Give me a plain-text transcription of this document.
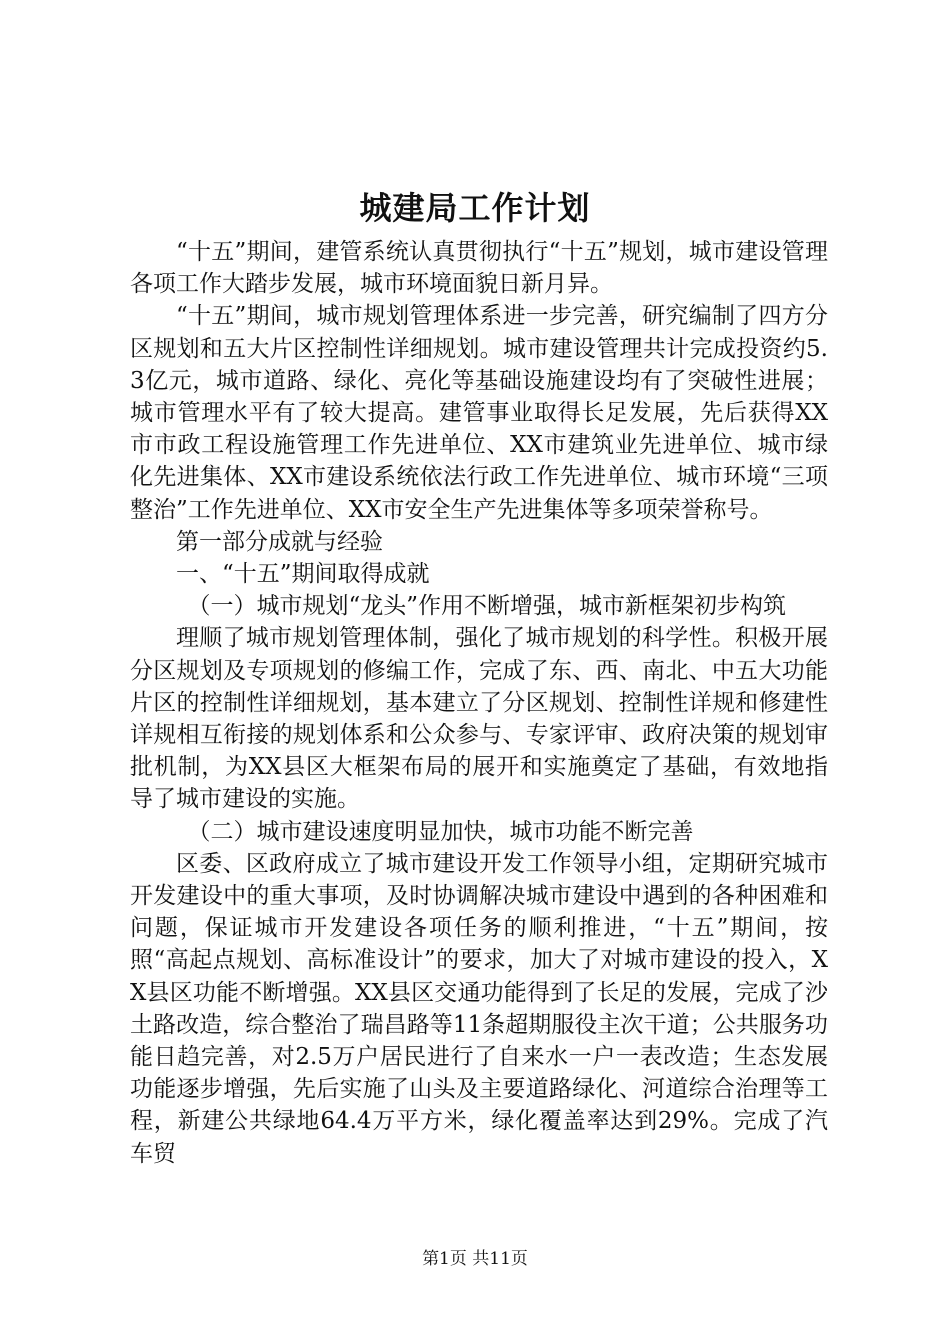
城建局工作计划

“十五”期间，建管系统认真贯彻执行“十五”规划，城市建设管理各项工作大踏步发展，城市环境面貌日新月异。

“十五”期间，城市规划管理体系进一步完善，研究编制了四方分区规划和五大片区控制性详细规划。城市建设管理共计完成投资约5.3亿元，城市道路、绿化、亮化等基础设施建设均有了突破性进展；城市管理水平有了较大提高。建管事业取得长足发展，先后获得XX市市政工程设施管理工作先进单位、XX市建筑业先进单位、城市绿化先进集体、XX市建设系统依法行政工作先进单位、城市环境“三项整治”工作先进单位、XX市安全生产先进集体等多项荣誉称号。

第一部分成就与经验

一、“十五”期间取得成就

（一）城市规划“龙头”作用不断增强，城市新框架初步构筑

理顺了城市规划管理体制，强化了城市规划的科学性。积极开展分区规划及专项规划的修编工作，完成了东、西、南北、中五大功能片区的控制性详细规划，基本建立了分区规划、控制性详规和修建性详规相互衔接的规划体系和公众参与、专家评审、政府决策的规划审批机制，为XX县区大框架布局的展开和实施奠定了基础，有效地指导了城市建设的实施。

（二）城市建设速度明显加快，城市功能不断完善

区委、区政府成立了城市建设开发工作领导小组，定期研究城市开发建设中的重大事项，及时协调解决城市建设中遇到的各种困难和问题，保证城市开发建设各项任务的顺利推进，“十五”期间，按照“高起点规划、高标准设计”的要求，加大了对城市建设的投入，XX县区功能不断增强。XX县区交通功能得到了长足的发展，完成了沙土路改造，综合整治了瑞昌路等11条超期服役主次干道；公共服务功能日趋完善，对2.5万户居民进行了自来水一户一表改造；生态发展功能逐步增强，先后实施了山头及主要道路绿化、河道综合治理等工程，新建公共绿地64.4万平方米，绿化覆盖率达到29%。完成了汽车贸

第1页 共11页
